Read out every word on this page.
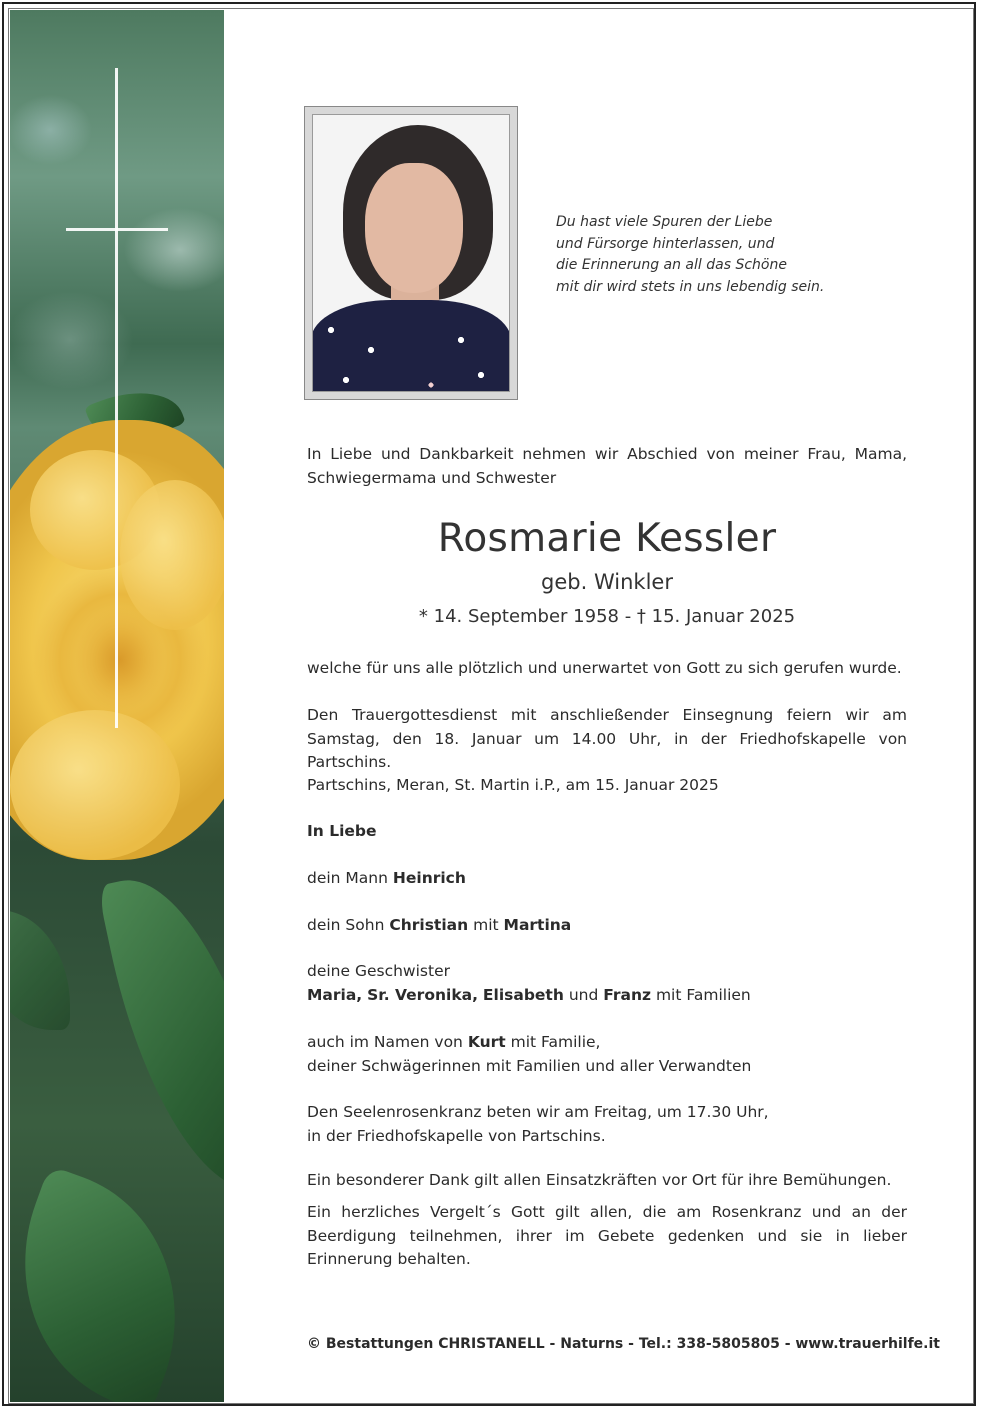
Du hast viele Spuren der Liebe
und Fürsorge hinterlassen, und
die Erinnerung an all das Schöne
mit dir wird stets in uns lebendig sein.
In Liebe und Dankbarkeit nehmen wir Abschied von meiner Frau, Mama, Schwiegermama und Schwester
Rosmarie Kessler
geb. Winkler
* 14. September 1958 - † 15. Januar 2025
welche für uns alle plötzlich und unerwartet von Gott zu sich gerufen wurde.
Den Trauergottesdienst mit anschließender Einsegnung feiern wir am Samstag, den 18. Januar um 14.00 Uhr, in der Friedhofskapelle von Partschins.
Partschins, Meran, St. Martin i.P., am 15. Januar 2025
In Liebe
dein Mann Heinrich
dein Sohn Christian mit Martina
deine Geschwister
Maria, Sr. Veronika, Elisabeth und Franz mit Familien
auch im Namen von Kurt mit Familie,
deiner Schwägerinnen mit Familien und aller Verwandten
Den Seelenrosenkranz beten wir am Freitag, um 17.30 Uhr,
in der Friedhofskapelle von Partschins.
Ein besonderer Dank gilt allen Einsatzkräften vor Ort für ihre Bemühungen.
Ein herzliches Vergelt´s Gott gilt allen, die am Rosenkranz und an der Beerdigung teilnehmen, ihrer im Gebete gedenken und sie in lieber Erinnerung behalten.
© Bestattungen CHRISTANELL - Naturns - Tel.: 338-5805805 - www.trauerhilfe.it
